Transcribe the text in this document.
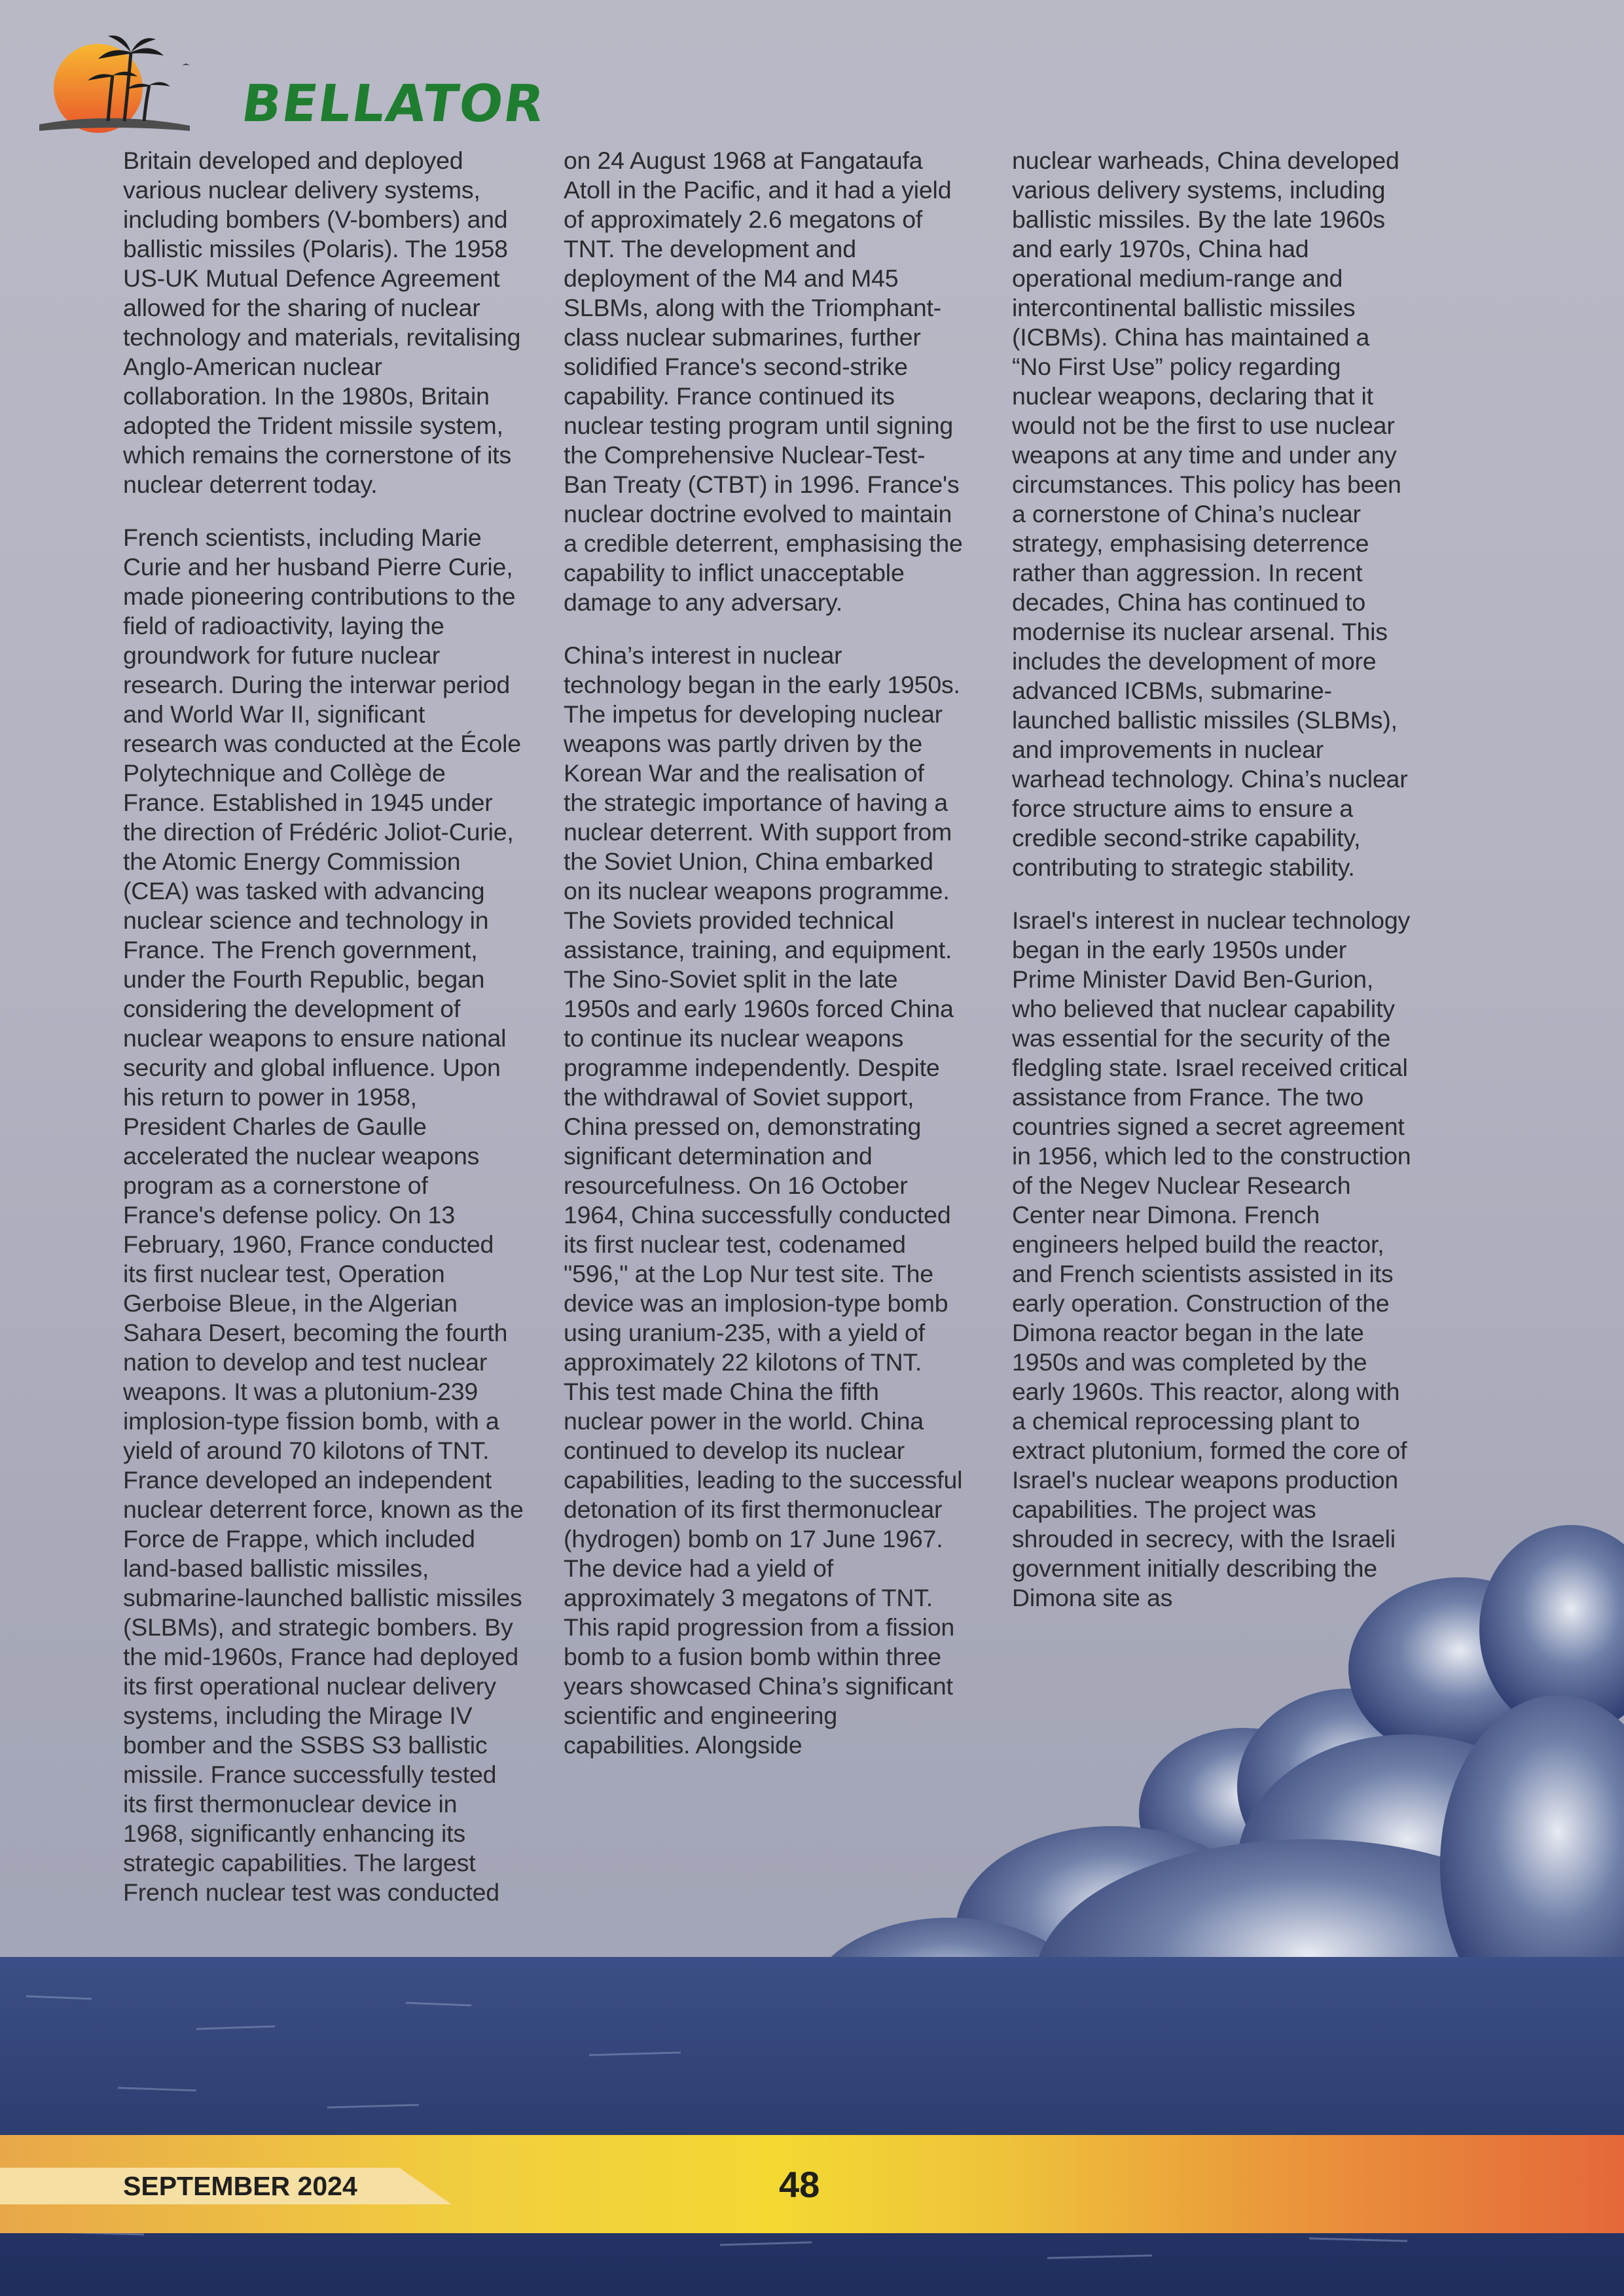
BELLATOR

Britain developed and deployed various nuclear delivery systems, including bombers (V-bombers) and ballistic missiles (Polaris). The 1958 US-UK Mutual Defence Agreement allowed for the sharing of nuclear technology and materials, revitalising Anglo-American nuclear collaboration. In the 1980s, Britain adopted the Trident missile system, which remains the cornerstone of its nuclear deterrent today.

French scientists, including Marie Curie and her husband Pierre Curie, made pioneering contributions to the field of radioactivity, laying the groundwork for future nuclear research. During the interwar period and World War II, significant research was conducted at the École Polytechnique and Collège de France. Established in 1945 under the direction of Frédéric Joliot-Curie, the Atomic Energy Commission (CEA) was tasked with advancing nuclear science and technology in France. The French government, under the Fourth Republic, began considering the development of nuclear weapons to ensure national security and global influence. Upon his return to power in 1958, President Charles de Gaulle accelerated the nuclear weapons program as a cornerstone of France's defense policy. On 13 February, 1960, France conducted its first nuclear test, Operation Gerboise Bleue, in the Algerian Sahara Desert, becoming the fourth nation to develop and test nuclear weapons. It was a plutonium-239 implosion-type fission bomb, with a yield of around 70 kilotons of TNT. France developed an independent nuclear deterrent force, known as the Force de Frappe, which included land-based ballistic missiles, submarine-launched ballistic missiles (SLBMs), and strategic bombers. By the mid-1960s, France had deployed its first operational nuclear delivery systems, including the Mirage IV bomber and the SSBS S3 ballistic missile. France successfully tested its first thermonuclear device in 1968, significantly enhancing its strategic capabilities. The largest French nuclear test was conducted

on 24 August 1968 at Fangataufa Atoll in the Pacific, and it had a yield of approximately 2.6 megatons of TNT. The development and deployment of the M4 and M45 SLBMs, along with the Triomphant-class nuclear submarines, further solidified France's second-strike capability. France continued its nuclear testing program until signing the Comprehensive Nuclear-Test-Ban Treaty (CTBT) in 1996. France's nuclear doctrine evolved to maintain a credible deterrent, emphasising the capability to inflict unacceptable damage to any adversary.

China’s interest in nuclear technology began in the early 1950s. The impetus for developing nuclear weapons was partly driven by the Korean War and the realisation of the strategic importance of having a nuclear deterrent. With support from the Soviet Union, China embarked on its nuclear weapons programme. The Soviets provided technical assistance, training, and equipment. The Sino-Soviet split in the late 1950s and early 1960s forced China to continue its nuclear weapons programme independently. Despite the withdrawal of Soviet support, China pressed on, demonstrating significant determination and resourcefulness. On 16 October 1964, China successfully conducted its first nuclear test, codenamed "596," at the Lop Nur test site. The device was an implosion-type bomb using uranium-235, with a yield of approximately 22 kilotons of TNT. This test made China the fifth nuclear power in the world. China continued to develop its nuclear capabilities, leading to the successful detonation of its first thermonuclear (hydrogen) bomb on 17 June 1967. The device had a yield of approximately 3 megatons of TNT. This rapid progression from a fission bomb to a fusion bomb within three years showcased China’s significant scientific and engineering capabilities. Alongside

nuclear warheads, China developed various delivery systems, including ballistic missiles. By the late 1960s and early 1970s, China had operational medium-range and intercontinental ballistic missiles (ICBMs). China has maintained a “No First Use” policy regarding nuclear weapons, declaring that it would not be the first to use nuclear weapons at any time and under any circumstances. This policy has been a cornerstone of China’s nuclear strategy, emphasising deterrence rather than aggression. In recent decades, China has continued to modernise its nuclear arsenal. This includes the development of more advanced ICBMs, submarine-launched ballistic missiles (SLBMs), and improvements in nuclear warhead technology. China’s nuclear force structure aims to ensure a credible second-strike capability, contributing to strategic stability.

Israel's interest in nuclear technology began in the early 1950s under Prime Minister David Ben-Gurion, who believed that nuclear capability was essential for the security of the fledgling state. Israel received critical assistance from France. The two countries signed a secret agreement in 1956, which led to the construction of the Negev Nuclear Research Center near Dimona. French engineers helped build the reactor, and French scientists assisted in its early operation. Construction of the Dimona reactor began in the late 1950s and was completed by the early 1960s. This reactor, along with a chemical reprocessing plant to extract plutonium, formed the core of Israel's nuclear weapons production capabilities. The project was shrouded in secrecy, with the Israeli government initially describing the Dimona site as

SEPTEMBER 2024	48
